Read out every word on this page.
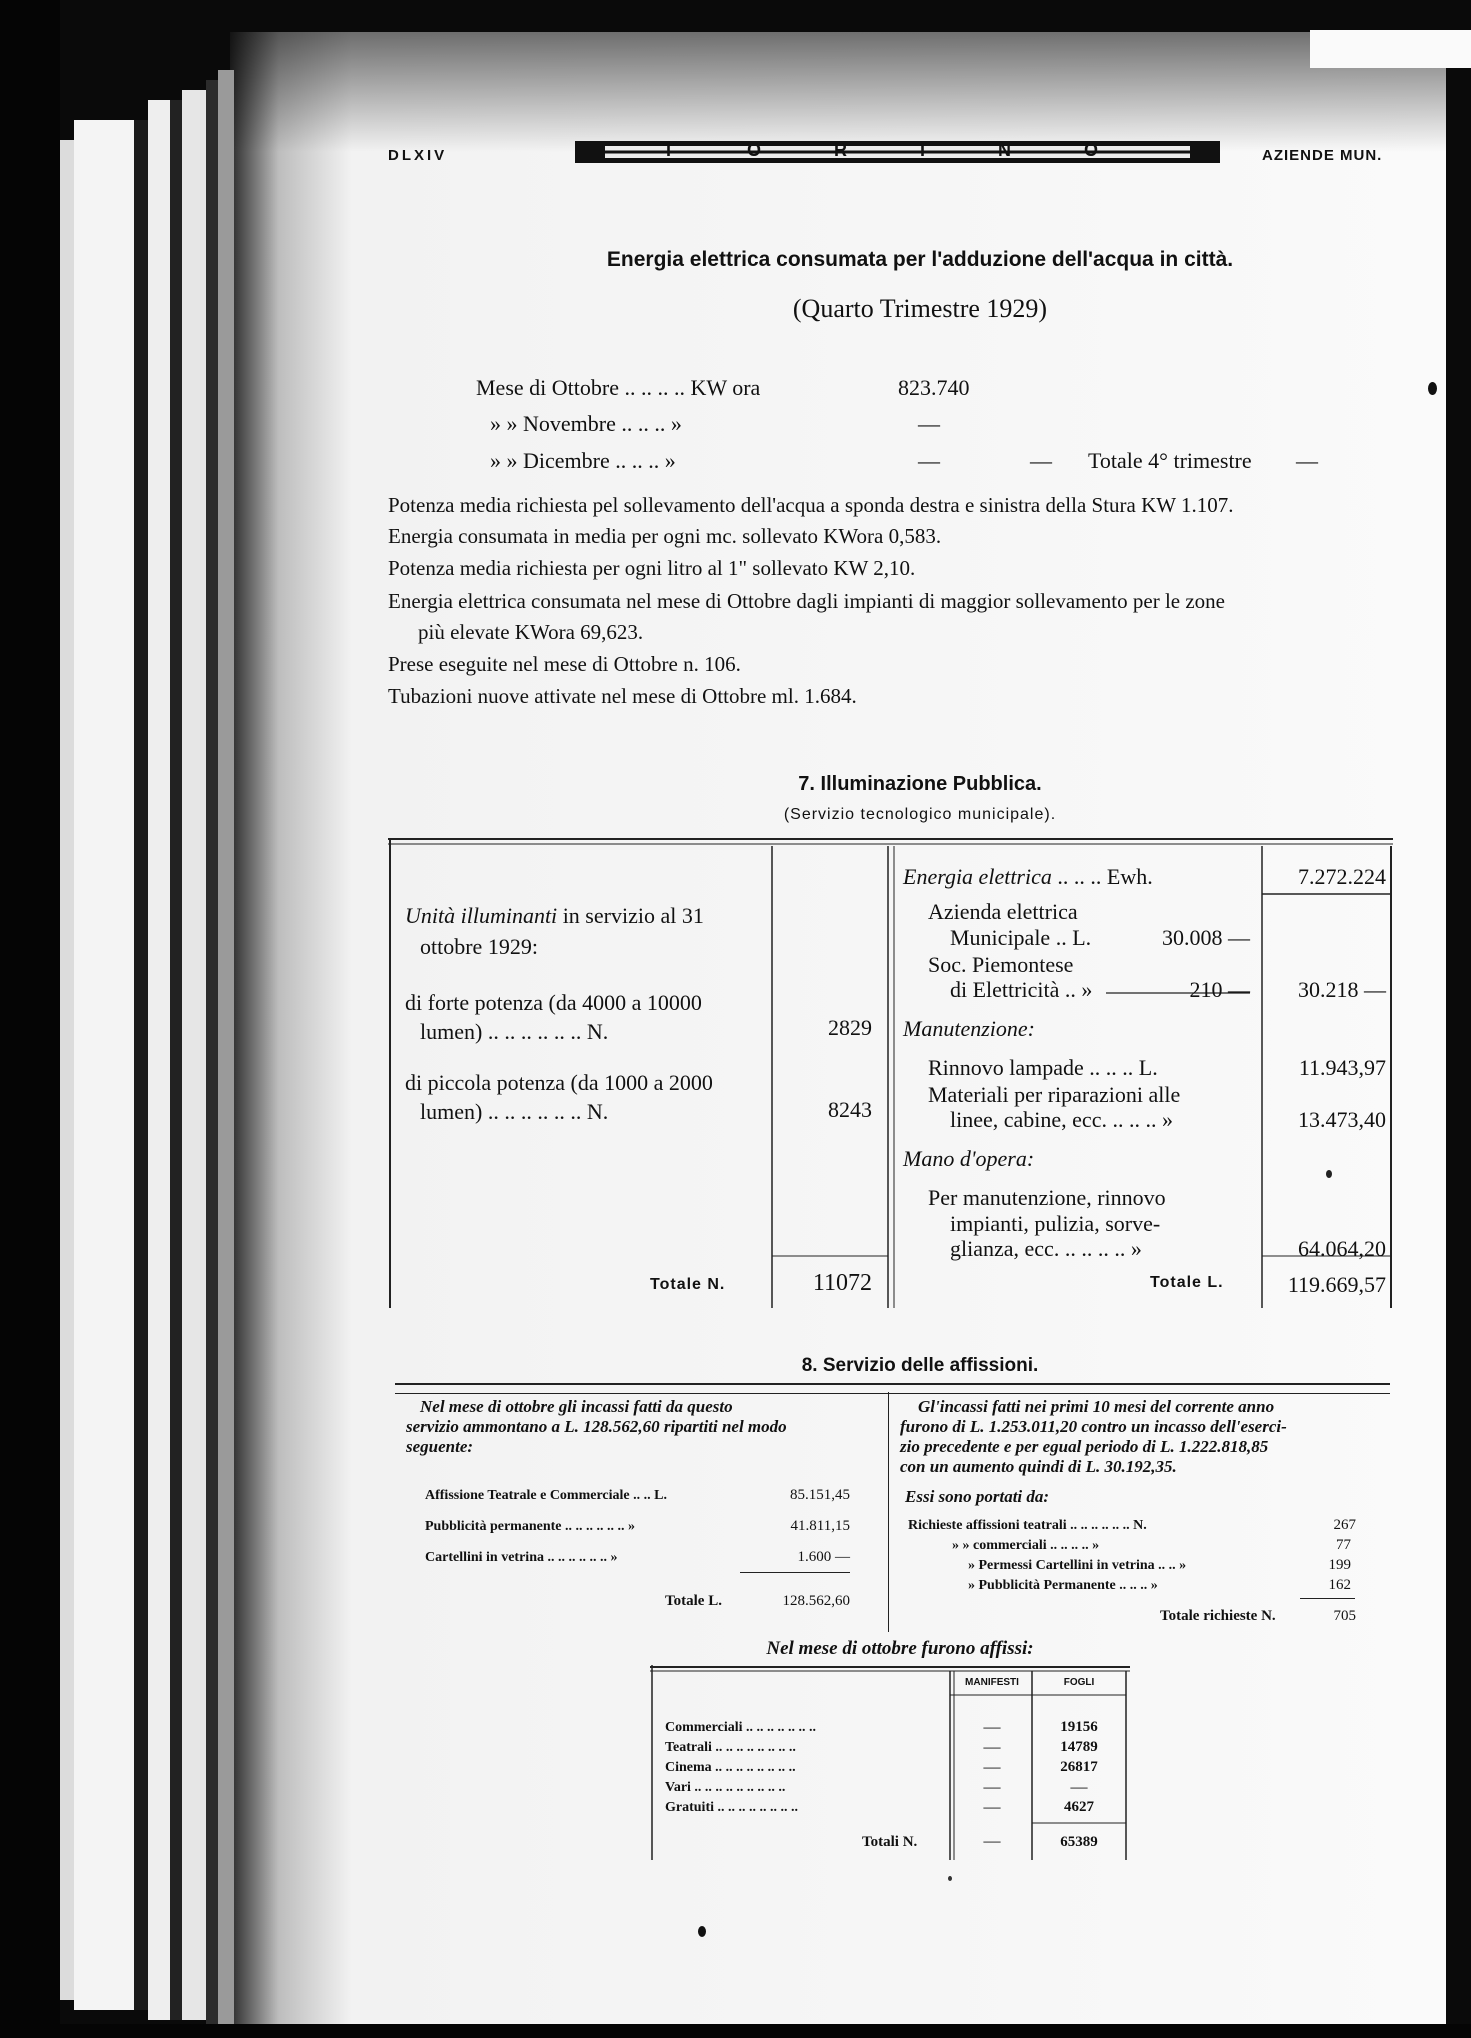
DLXIV	T O R I N O	AZIENDE MUN.
Energia elettrica consumata per l'adduzione dell'acqua in città.
(Quarto Trimestre 1929)
Mese di Ottobre .. .. .. .. KW ora	823.740
» » Novembre .. .. .. »	—
» » Dicembre .. .. .. »	—	— Totale 4° trimestre —
Potenza media richiesta pel sollevamento dell'acqua a sponda destra e sinistra della Stura KW 1.107.
Energia consumata in media per ogni mc. sollevato KWora 0,583.
Potenza media richiesta per ogni litro al 1" sollevato KW 2,10.
Energia elettrica consumata nel mese di Ottobre dagli impianti di maggior sollevamento per le zone
più elevate KWora 69,623.
Prese eseguite nel mese di Ottobre n. 106.
Tubazioni nuove attivate nel mese di Ottobre ml. 1.684.
7. Illuminazione Pubblica.
(Servizio tecnologico municipale).
Unità illuminanti in servizio al 31
ottobre 1929:
di forte potenza (da 4000 a 10000
lumen) .. .. .. .. .. .. N.	2829
di piccola potenza (da 1000 a 2000
lumen) .. .. .. .. .. .. N.	8243
Totale N.	11072
Energia elettrica .. .. .. Ewh.	7.272.224
Azienda elettrica
Municipale .. L.	30.008 —
Soc. Piemontese
di Elettricità .. »	210 —	30.218 —
Manutenzione:
Rinnovo lampade .. .. .. L.	11.943,97
Materiali per riparazioni alle
linee, cabine, ecc. .. .. .. »	13.473,40
Mano d'opera:
Per manutenzione, rinnovo
impianti, pulizia, sorve-
glianza, ecc. .. .. .. .. »	64.064,20
Totale L.	119.669,57
8. Servizio delle affissioni.
Nel mese di ottobre gli incassi fatti da questo
servizio ammontano a L. 128.562,60 ripartiti nel modo
seguente:
Affissione Teatrale e Commerciale .. .. L.	85.151,45
Pubblicità permanente .. .. .. .. .. .. »	41.811,15
Cartellini in vetrina .. .. .. .. .. .. »	1.600 —
Totale L.	128.562,60
Gl'incassi fatti nei primi 10 mesi del corrente anno
furono di L. 1.253.011,20 contro un incasso dell'eserci-
zio precedente e per egual periodo di L. 1.222.818,85
con un aumento quindi di L. 30.192,35.
Essi sono portati da:
Richieste affissioni teatrali .. .. .. .. .. .. N.	267
» » commerciali .. .. .. .. »	77
» Permessi Cartellini in vetrina .. .. »	199
» Pubblicità Permanente .. .. .. »	162
Totale richieste N.	705
Nel mese di ottobre furono affissi:
MANIFESTI	FOGLI
Commerciali .. .. .. .. .. .. ..	—	19156
Teatrali .. .. .. .. .. .. .. ..	—	14789
Cinema .. .. .. .. .. .. .. ..	—	26817
Vari .. .. .. .. .. .. .. .. ..	—	—
Gratuiti .. .. .. .. .. .. .. ..	—	4627
Totali N.	—	65389
